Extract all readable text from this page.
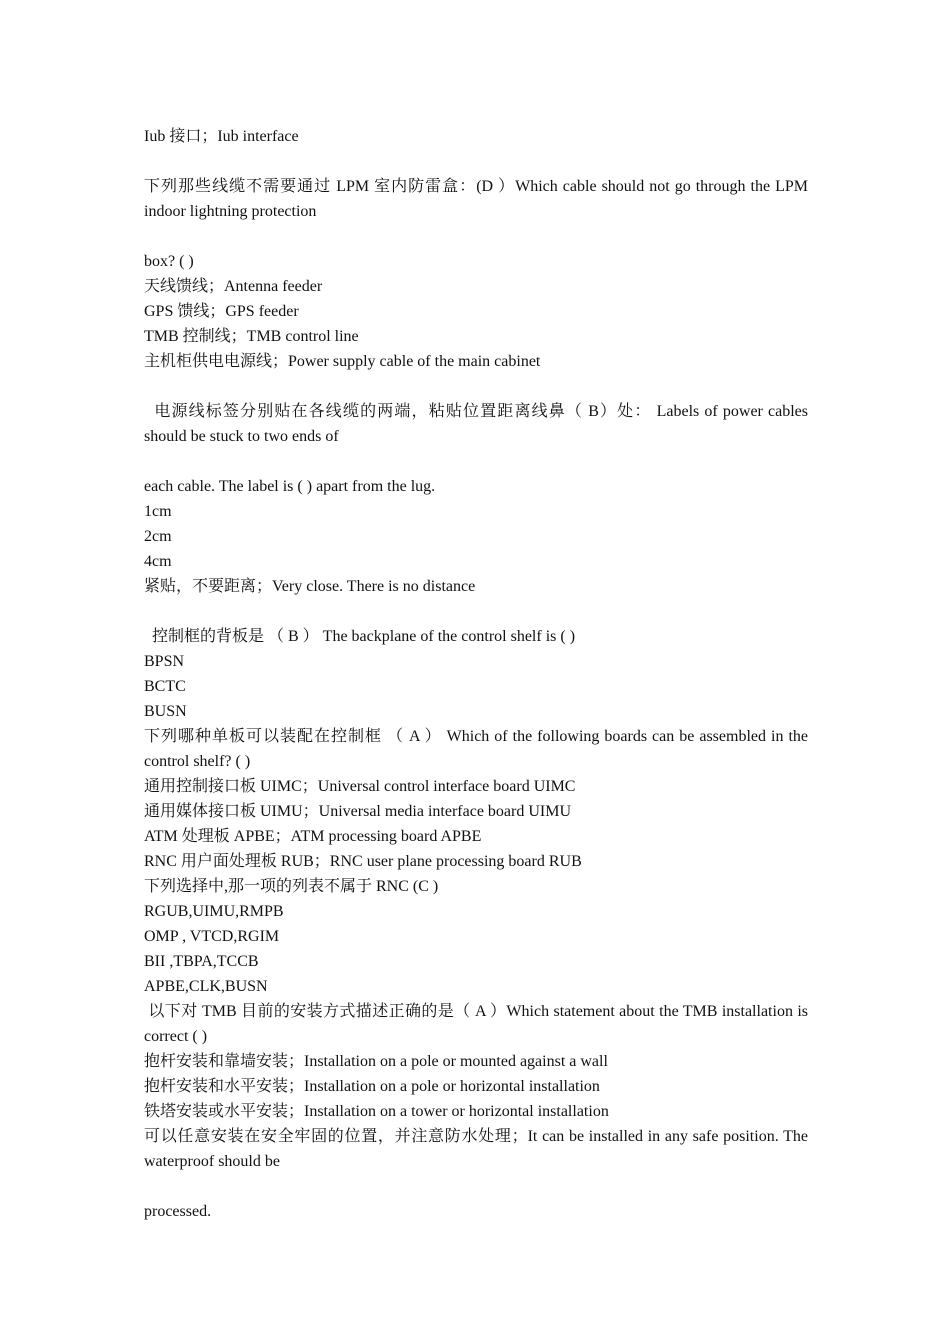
Iub 接口；Iub interface
下列那些线缆不需要通过 LPM 室内防雷盒：(D ）Which cable should not go through the LPM indoor lightning protection
box? ( )
天线馈线；Antenna feeder
GPS 馈线；GPS feeder
TMB 控制线；TMB control line
主机柜供电电源线；Power supply cable of the main cabinet
电源线标签分别贴在各线缆的两端，粘贴位置距离线鼻（ B）处： Labels of power cables should be stuck to two ends of
each cable. The label is ( ) apart from the lug.
1cm
2cm
4cm
紧贴，不要距离；Very close. There is no distance
控制框的背板是 （ B ） The backplane of the control shelf is ( )
BPSN
BCTC
BUSN
下列哪种单板可以装配在控制框 （ A ） Which of the following boards can be assembled in the control shelf? ( )
通用控制接口板 UIMC；Universal control interface board UIMC
通用媒体接口板 UIMU；Universal media interface board UIMU
ATM 处理板 APBE；ATM processing board APBE
RNC 用户面处理板 RUB；RNC user plane processing board RUB
下列选择中,那一项的列表不属于 RNC (C )
RGUB,UIMU,RMPB
OMP , VTCD,RGIM
BII ,TBPA,TCCB
APBE,CLK,BUSN
以下对 TMB 目前的安装方式描述正确的是（ A ）Which statement about the TMB installation is correct ( )
抱杆安装和靠墙安装；Installation on a pole or mounted against a wall
抱杆安装和水平安装；Installation on a pole or horizontal installation
铁塔安装或水平安装；Installation on a tower or horizontal installation
可以任意安装在安全牢固的位置，并注意防水处理；It can be installed in any safe position. The waterproof should be
processed.
